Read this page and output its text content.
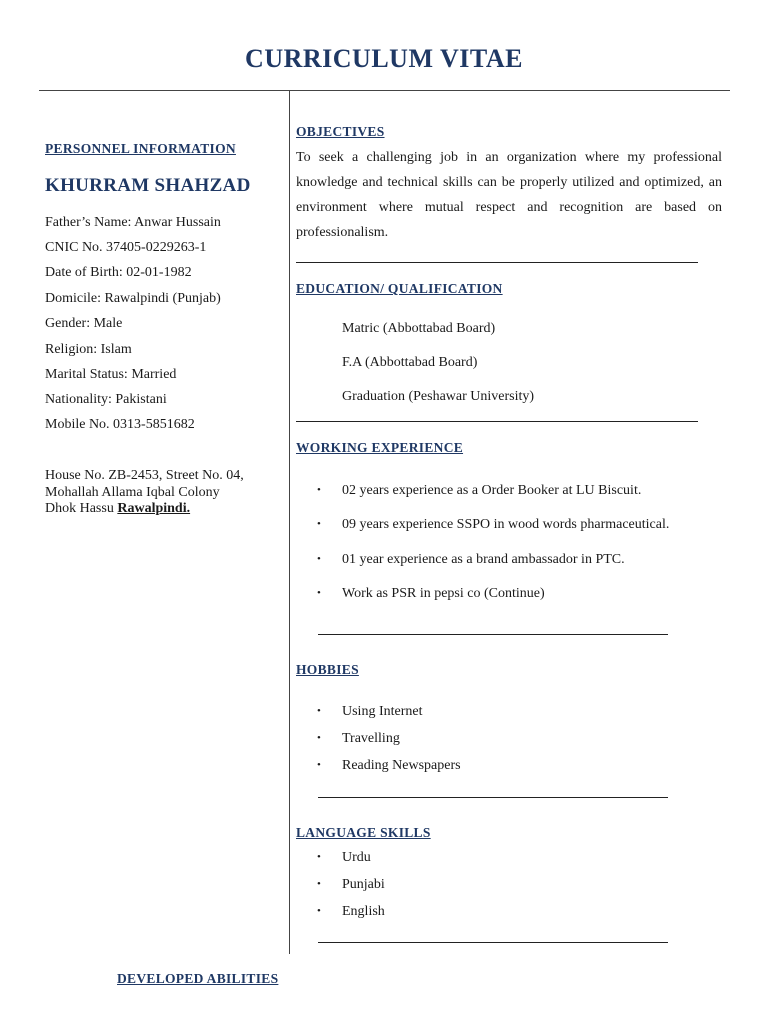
CURRICULUM VITAE
PERSONNEL INFORMATION
KHURRAM SHAHZAD
Father’s Name: Anwar Hussain
CNIC No. 37405-0229263-1
Date of Birth: 02-01-1982
Domicile: Rawalpindi (Punjab)
Gender: Male
Religion: Islam
Marital Status: Married
Nationality: Pakistani
Mobile No. 0313-5851682
House No. ZB-2453, Street No. 04,
Mohallah Allama Iqbal Colony
Dhok Hassu Rawalpindi.
OBJECTIVES
To seek a challenging job in an organization where my professional knowledge and technical skills can be properly utilized and optimized, an environment where mutual respect and recognition are based on professionalism.
EDUCATION/ QUALIFICATION
Matric (Abbottabad Board)
F.A (Abbottabad Board)
Graduation (Peshawar University)
WORKING EXPERIENCE
• 02 years experience as a Order Booker at LU Biscuit.
• 09 years experience SSPO in wood words pharmaceutical.
• 01 year experience as a brand ambassador in PTC.
• Work as PSR in pepsi co (Continue)
HOBBIES
• Using Internet
• Travelling
• Reading Newspapers
LANGUAGE SKILLS
• Urdu
• Punjabi
• English
DEVELOPED ABILITIES
